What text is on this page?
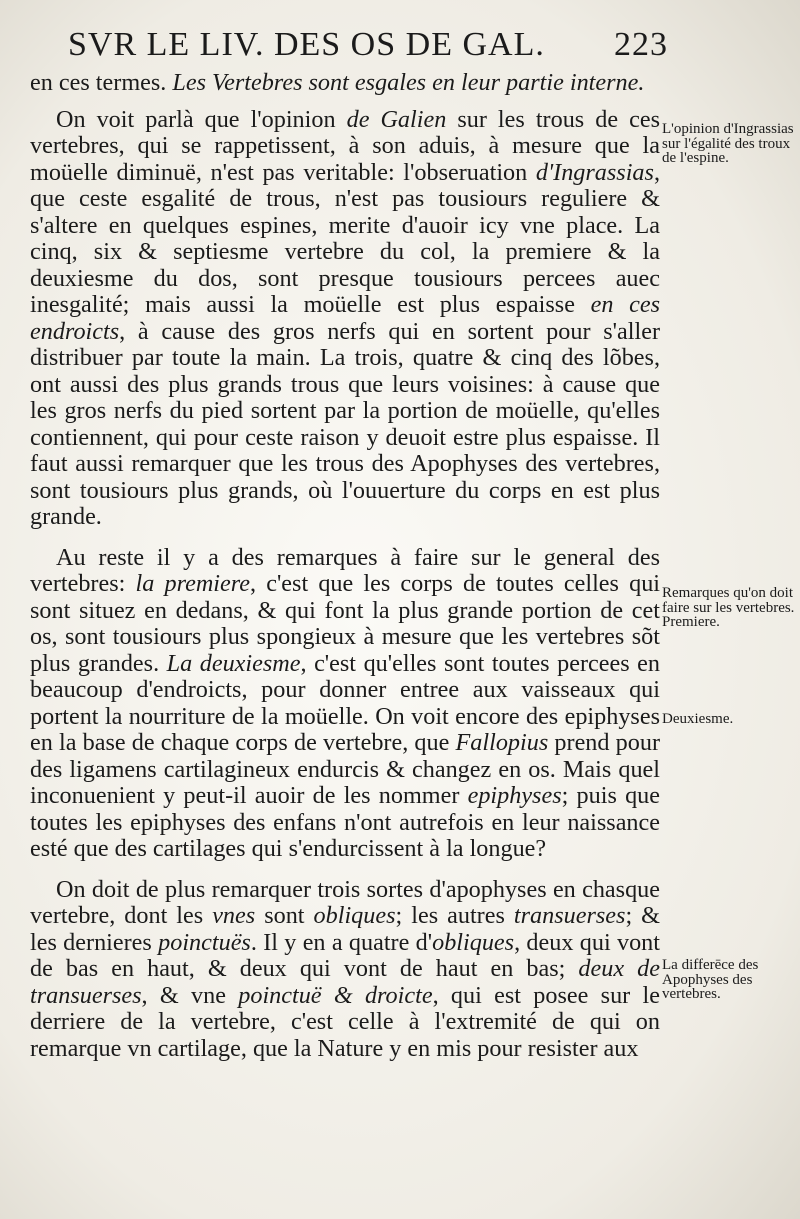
SVR LE LIV. DES OS DE GAL. 223

en ces termes. Les Vertebres sont esgales en leur partie interne.

On voit parlà que l'opinion de Galien sur les trous de ces vertebres, qui se rappetissent, à son aduis, à mesure que la moüelle diminuë, n'est pas veritable: l'obseruation d'Ingrassias, que ceste esgalité de trous, n'est pas tousiours reguliere & s'altere en quelques espines, merite d'auoir icy vne place. La cinq, six & septiesme vertebre du col, la premiere & la deuxiesme du dos, sont presque tousiours percees auec inesgalité; mais aussi la moüelle est plus espaisse en ces endroicts, à cause des gros nerfs qui en sortent pour s'aller distribuer par toute la main. La trois, quatre & cinq des lõbes, ont aussi des plus grands trous que leurs voisines: à cause que les gros nerfs du pied sortent par la portion de moüelle, qu'elles contiennent, qui pour ceste raison y deuoit estre plus espaisse. Il faut aussi remarquer que les trous des Apophyses des vertebres, sont tousiours plus grands, où l'ouuerture du corps en est plus grande.

Au reste il y a des remarques à faire sur le general des vertebres: la premiere, c'est que les corps de toutes celles qui sont situez en dedans, & qui font la plus grande portion de cet os, sont tousiours plus spongieux à mesure que les vertebres sõt plus grandes. La deuxiesme, c'est qu'elles sont toutes percees en beaucoup d'endroicts, pour donner entree aux vaisseaux qui portent la nourriture de la moüelle. On voit encore des epiphyses en la base de chaque corps de vertebre, que Fallopius prend pour des ligamens cartilagineux endurcis & changez en os. Mais quel inconuenient y peut-il auoir de les nommer epiphyses; puis que toutes les epiphyses des enfans n'ont autrefois en leur naissance esté que des cartilages qui s'endurcissent à la longue?

On doit de plus remarquer trois sortes d'apophyses en chasque vertebre, dont les vnes sont obliques; les autres transuerses; & les dernieres poinctuës. Il y en a quatre d'obliques, deux qui vont de bas en haut, & deux qui vont de haut en bas; deux de transuerses, & vne poinctuë & droicte, qui est posee sur le derriere de la vertebre, c'est celle à l'extremité de qui on remarque vn cartilage, que la Nature y en mis pour resister aux

L'opinion d'Ingrassias sur l'égalité des troux de l'espine.
Remarques qu'on doit faire sur les vertebres.
Premiere.
Deuxiesme.
La differēce des Apophyses des vertebres.
